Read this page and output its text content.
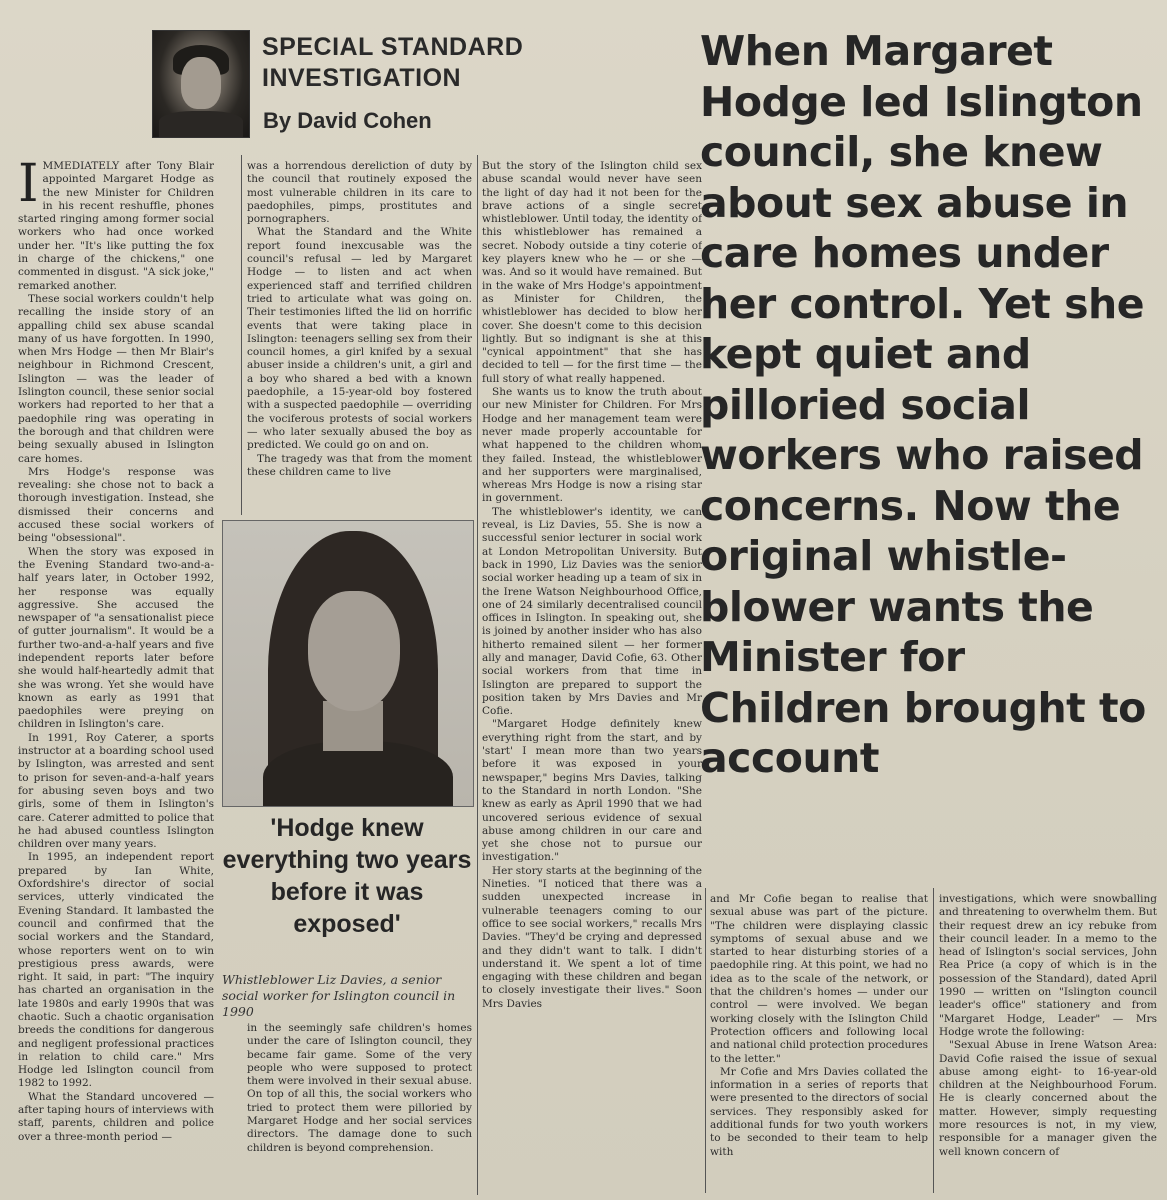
SPECIAL STANDARD INVESTIGATION
By David Cohen
When Margaret Hodge led Islington council, she knew about sex abuse in care homes under her control. Yet she kept quiet and pilloried social workers who raised concerns. Now the original whistle-blower wants the Minister for Children brought to account

IMMEDIATELY after Tony Blair appointed Margaret Hodge as the new Minister for Children in his recent reshuffle, phones started ringing among former social workers who had once worked under her. "It's like putting the fox in charge of the chickens," one commented in disgust. "A sick joke," remarked another.

These social workers couldn't help recalling the inside story of an appalling child sex abuse scandal many of us have forgotten. In 1990, when Mrs Hodge — then Mr Blair's neighbour in Richmond Crescent, Islington — was the leader of Islington council, these senior social workers had reported to her that a paedophile ring was operating in the borough and that children were being sexually abused in Islington care homes.

Mrs Hodge's response was revealing: she chose not to back a thorough investigation. Instead, she dismissed their concerns and accused these social workers of being "obsessional".

When the story was exposed in the Evening Standard two-and-a-half years later, in October 1992, her response was equally aggressive. She accused the newspaper of "a sensationalist piece of gutter journalism". It would be a further two-and-a-half years and five independent reports later before she would half-heartedly admit that she was wrong. Yet she would have known as early as 1991 that paedophiles were preying on children in Islington's care.

In 1991, Roy Caterer, a sports instructor at a boarding school used by Islington, was arrested and sent to prison for seven-and-a-half years for abusing seven boys and two girls, some of them in Islington's care. Caterer admitted to police that he had abused countless Islington children over many years.

In 1995, an independent report prepared by Ian White, Oxfordshire's director of social services, utterly vindicated the Evening Standard. It lambasted the council and confirmed that the social workers and the Standard, whose reporters went on to win prestigious press awards, were right. It said, in part: "The inquiry has charted an organisation in the late 1980s and early 1990s that was chaotic. Such a chaotic organisation breeds the conditions for dangerous and negligent professional practices in relation to child care." Mrs Hodge led Islington council from 1982 to 1992.

What the Standard uncovered — after taping hours of interviews with staff, parents, children and police over a three-month period —

was a horrendous dereliction of duty by the council that routinely exposed the most vulnerable children in its care to paedophiles, pimps, prostitutes and pornographers.

What the Standard and the White report found inexcusable was the council's refusal — led by Margaret Hodge — to listen and act when experienced staff and terrified children tried to articulate what was going on. Their testimonies lifted the lid on horrific events that were taking place in Islington: teenagers selling sex from their council homes, a girl knifed by a sexual abuser inside a children's unit, a girl and a boy who shared a bed with a known paedophile, a 15-year-old boy fostered with a suspected paedophile — overriding the vociferous protests of social workers — who later sexually abused the boy as predicted. We could go on and on.

The tragedy was that from the moment these children came to live

'Hodge knew everything two years before it was exposed'
Whistleblower Liz Davies, a senior social worker for Islington council in 1990

in the seemingly safe children's homes under the care of Islington council, they became fair game. Some of the very people who were supposed to protect them were involved in their sexual abuse. On top of all this, the social workers who tried to protect them were pilloried by Margaret Hodge and her social services directors. The damage done to such children is beyond comprehension.

But the story of the Islington child sex abuse scandal would never have seen the light of day had it not been for the brave actions of a single secret whistleblower. Until today, the identity of this whistleblower has remained a secret. Nobody outside a tiny coterie of key players knew who he — or she — was. And so it would have remained. But in the wake of Mrs Hodge's appointment as Minister for Children, the whistleblower has decided to blow her cover. She doesn't come to this decision lightly. But so indignant is she at this "cynical appointment" that she has decided to tell — for the first time — the full story of what really happened.

She wants us to know the truth about our new Minister for Children. For Mrs Hodge and her management team were never made properly accountable for what happened to the children whom they failed. Instead, the whistleblower and her supporters were marginalised, whereas Mrs Hodge is now a rising star in government.

The whistleblower's identity, we can reveal, is Liz Davies, 55. She is now a successful senior lecturer in social work at London Metropolitan University. But back in 1990, Liz Davies was the senior social worker heading up a team of six in the Irene Watson Neighbourhood Office, one of 24 similarly decentralised council offices in Islington. In speaking out, she is joined by another insider who has also hitherto remained silent — her former ally and manager, David Cofie, 63. Other social workers from that time in Islington are prepared to support the position taken by Mrs Davies and Mr Cofie.

"Margaret Hodge definitely knew everything right from the start, and by 'start' I mean more than two years before it was exposed in your newspaper," begins Mrs Davies, talking to the Standard in north London. "She knew as early as April 1990 that we had uncovered serious evidence of sexual abuse among children in our care and yet she chose not to pursue our investigation."

Her story starts at the beginning of the Nineties. "I noticed that there was a sudden unexpected increase in vulnerable teenagers coming to our office to see social workers," recalls Mrs Davies. "They'd be crying and depressed and they didn't want to talk. I didn't understand it. We spent a lot of time engaging with these children and began to closely investigate their lives." Soon Mrs Davies

and Mr Cofie began to realise that sexual abuse was part of the picture. "The children were displaying classic symptoms of sexual abuse and we started to hear disturbing stories of a paedophile ring. At this point, we had no idea as to the scale of the network, or that the children's homes — under our control — were involved. We began working closely with the Islington Child Protection officers and following local and national child protection procedures to the letter."

Mr Cofie and Mrs Davies collated the information in a series of reports that were presented to the directors of social services. They responsibly asked for additional funds for two youth workers to be seconded to their team to help with

investigations, which were snowballing and threatening to overwhelm them. But their request drew an icy rebuke from their council leader. In a memo to the head of Islington's social services, John Rea Price (a copy of which is in the possession of the Standard), dated April 1990 — written on "Islington council leader's office" stationery and from "Margaret Hodge, Leader" — Mrs Hodge wrote the following:

"Sexual Abuse in Irene Watson Area: David Cofie raised the issue of sexual abuse among eight- to 16-year-old children at the Neighbourhood Forum. He is clearly concerned about the matter. However, simply requesting more resources is not, in my view, responsible for a manager given the well known concern of
